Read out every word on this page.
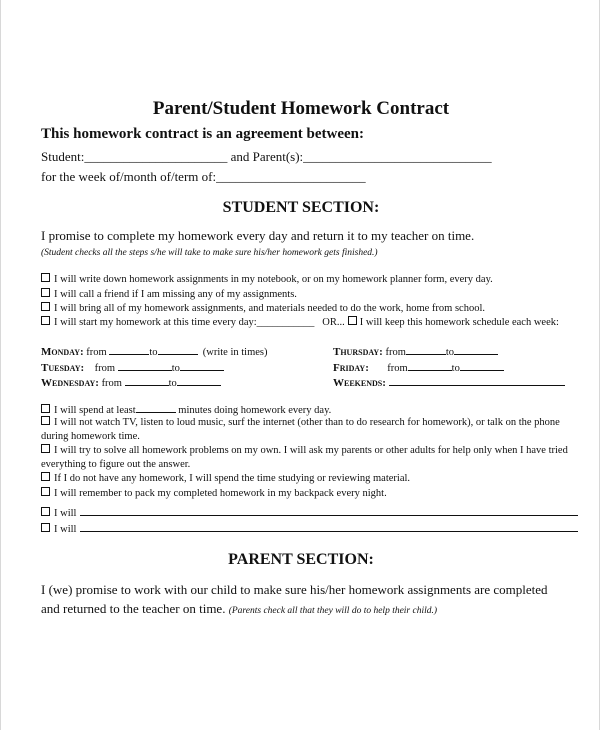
Parent/Student Homework Contract
This homework contract is an agreement between:
Student:______________________ and Parent(s):_____________________________
for the week of/month of/term of:_______________________
STUDENT SECTION:
I promise to complete my homework every day and return it to my teacher on time.
(Student checks all the steps s/he will take to make sure his/her homework gets finished.)
I will write down homework assignments in my notebook, or on my homework planner form, every day.
I will call a friend if I am missing any of my assignments.
I will bring all of my homework assignments, and materials needed to do the work, home from school.
I will start my homework at this time every day:___________ OR... I will keep this homework schedule each week:
Monday: from	to	(write in times)
Tuesday: from	to
Wednesday: from	to
Thursday: from	to
Friday: from	to
Weekends:
I will spend at least	minutes doing homework every day.
I will not watch TV, listen to loud music, surf the internet (other than to do research for homework), or talk on the phone during homework time.
I will try to solve all homework problems on my own. I will ask my parents or other adults for help only when I have tried everything to figure out the answer.
If I do not have any homework, I will spend the time studying or reviewing material.
I will remember to pack my completed homework in my backpack every night.
I will
I will
PARENT SECTION:
I (we) promise to work with our child to make sure his/her homework assignments are completed and returned to the teacher on time. (Parents check all that they will do to help their child.)
